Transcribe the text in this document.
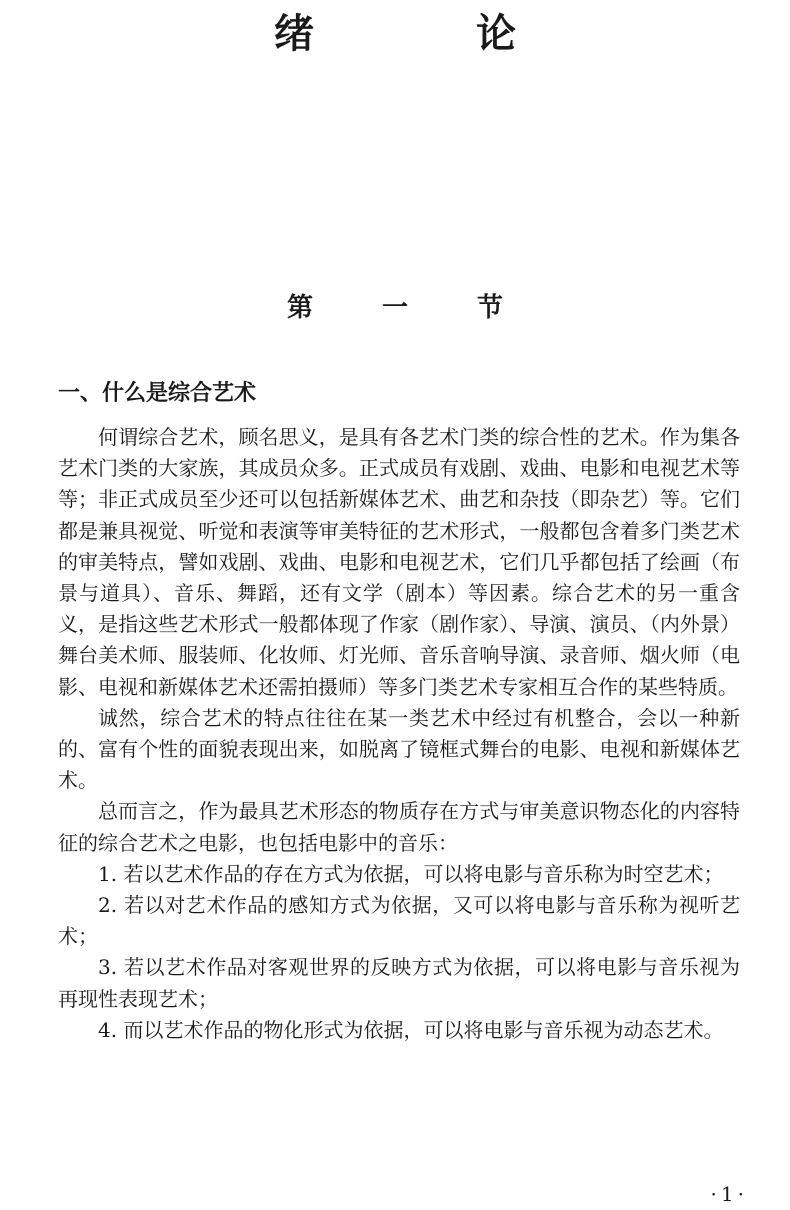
绪 论
第 一 节
一、什么是综合艺术

何谓综合艺术，顾名思义，是具有各艺术门类的综合性的艺术。作为集各艺术门类的大家族，其成员众多。正式成员有戏剧、戏曲、电影和电视艺术等等；非正式成员至少还可以包括新媒体艺术、曲艺和杂技（即杂艺）等。它们都是兼具视觉、听觉和表演等审美特征的艺术形式，一般都包含着多门类艺术的审美特点，譬如戏剧、戏曲、电影和电视艺术，它们几乎都包括了绘画（布景与道具）、音乐、舞蹈，还有文学（剧本）等因素。综合艺术的另一重含义，是指这些艺术形式一般都体现了作家（剧作家）、导演、演员、（内外景）舞台美术师、服装师、化妆师、灯光师、音乐音响导演、录音师、烟火师（电影、电视和新媒体艺术还需拍摄师）等多门类艺术专家相互合作的某些特质。

诚然，综合艺术的特点往往在某一类艺术中经过有机整合，会以一种新的、富有个性的面貌表现出来，如脱离了镜框式舞台的电影、电视和新媒体艺术。

总而言之，作为最具艺术形态的物质存在方式与审美意识物态化的内容特征的综合艺术之电影，也包括电影中的音乐：

1. 若以艺术作品的存在方式为依据，可以将电影与音乐称为时空艺术；

2. 若以对艺术作品的感知方式为依据，又可以将电影与音乐称为视听艺术；

3. 若以艺术作品对客观世界的反映方式为依据，可以将电影与音乐视为再现性表现艺术；

4. 而以艺术作品的物化形式为依据，可以将电影与音乐视为动态艺术。

· 1 ·
